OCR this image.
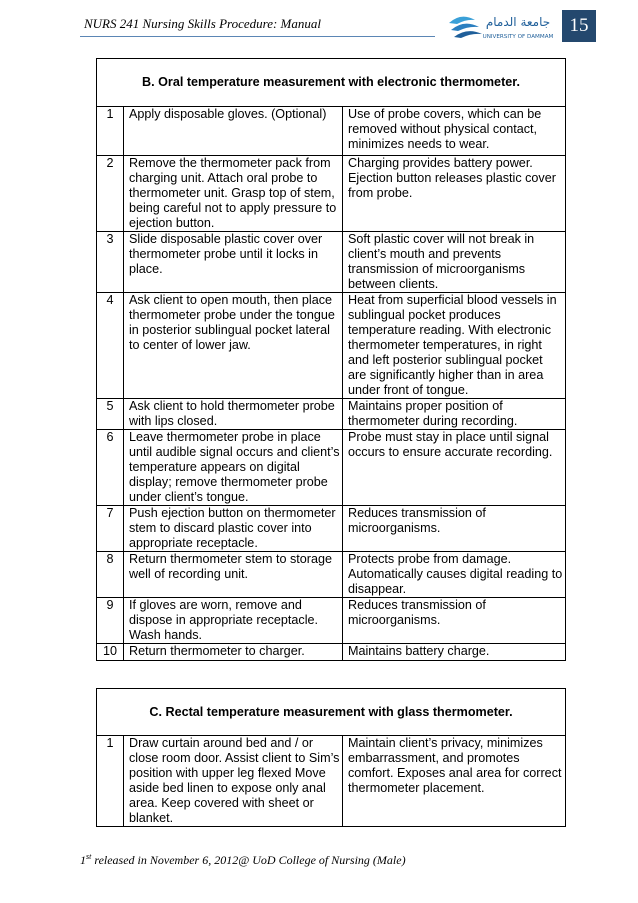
NURS 241 Nursing Skills Procedure: Manual	جامعة الدمام
UNIVERSITY OF DAMMAM
15
B. Oral temperature measurement with electronic thermometer.		
1	Apply disposable gloves. (Optional)	Use of probe covers, which can be removed without physical contact, minimizes needs to wear.
2	Remove the thermometer pack from charging unit. Attach oral probe to thermometer unit. Grasp top of stem, being careful not to apply pressure to ejection button.	Charging provides battery power. Ejection button releases plastic cover from probe.
3	Slide disposable plastic cover over thermometer probe until it locks in place.	Soft plastic cover will not break in client’s mouth and prevents transmission of microorganisms between clients.
4	Ask client to open mouth, then place thermometer probe under the tongue in posterior sublingual pocket lateral to center of lower jaw.	Heat from superficial blood vessels in sublingual pocket produces temperature reading. With electronic thermometer temperatures, in right and left posterior sublingual pocket are significantly higher than in area under front of tongue.
5	Ask client to hold thermometer probe with lips closed.	Maintains proper position of thermometer during recording.
6	Leave thermometer probe in place until audible signal occurs and client’s temperature appears on digital display; remove thermometer probe under client’s tongue.	Probe must stay in place until signal occurs to ensure accurate recording.
7	Push ejection button on thermometer stem to discard plastic cover into appropriate receptacle.	Reduces transmission of microorganisms.
8	Return thermometer stem to storage well of recording unit.	Protects probe from damage. Automatically causes digital reading to disappear.
9	If gloves are worn, remove and dispose in appropriate receptacle. Wash hands.	Reduces transmission of microorganisms.
10	Return thermometer to charger.	Maintains battery charge.
C. Rectal temperature measurement with glass thermometer.
1	Draw curtain around bed and / or close room door. Assist client to Sim’s position with upper leg flexed Move aside bed linen to expose only anal area. Keep covered with sheet or blanket.	Maintain client’s privacy, minimizes embarrassment, and promotes comfort. Exposes anal area for correct thermometer placement.
1st released in November 6, 2012@ UoD College of Nursing (Male)
